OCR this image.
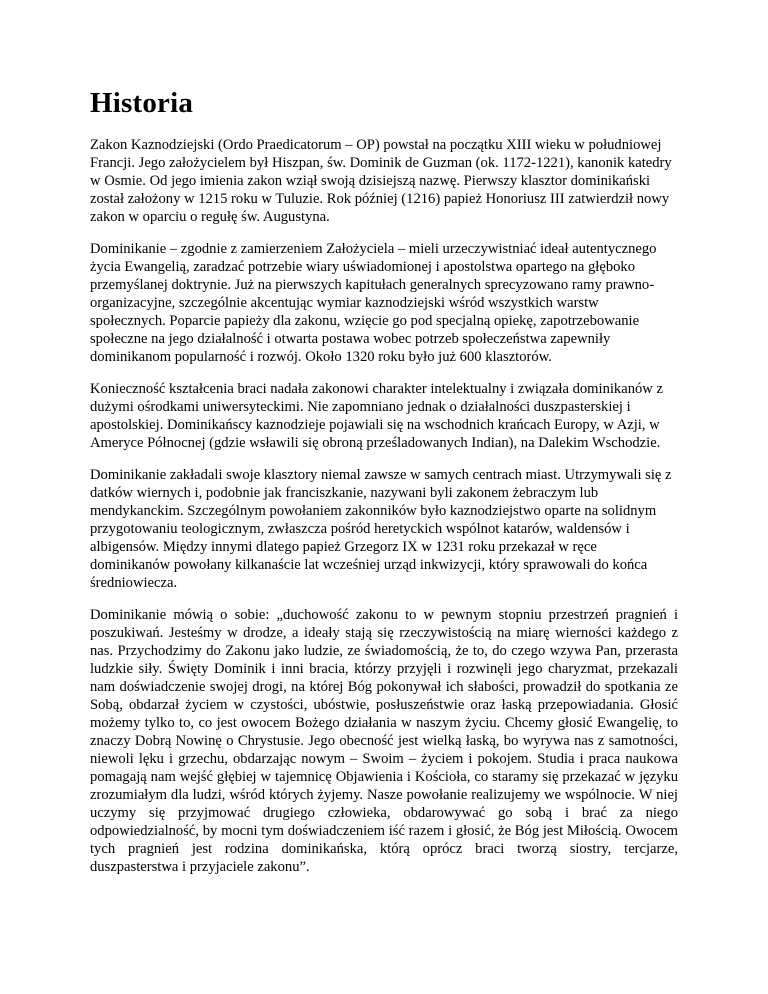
Historia

Zakon Kaznodziejski (Ordo Praedicatorum – OP) powstał na początku XIII wieku w południowej Francji. Jego założycielem był Hiszpan, św. Dominik de Guzman (ok. 1172-1221), kanonik katedry w Osmie. Od jego imienia zakon wziął swoją dzisiejszą nazwę. Pierwszy klasztor dominikański został założony w 1215 roku w Tuluzie. Rok później (1216) papież Honoriusz III zatwierdził nowy zakon w oparciu o regułę św. Augustyna.

Dominikanie – zgodnie z zamierzeniem Założyciela – mieli urzeczywistniać ideał autentycznego życia Ewangelią, zaradzać potrzebie wiary uświadomionej i apostolstwa opartego na głęboko przemyślanej doktrynie. Już na pierwszych kapitułach generalnych sprecyzowano ramy prawno-organizacyjne, szczególnie akcentując wymiar kaznodziejski wśród wszystkich warstw społecznych. Poparcie papieży dla zakonu, wzięcie go pod specjalną opiekę, zapotrzebowanie społeczne na jego działalność i otwarta postawa wobec potrzeb społeczeństwa zapewniły dominikanom popularność i rozwój. Około 1320 roku było już 600 klasztorów.

Konieczność kształcenia braci nadała zakonowi charakter intelektualny i związała dominikanów z dużymi ośrodkami uniwersyteckimi. Nie zapomniano jednak o działalności duszpasterskiej i apostolskiej. Dominikańscy kaznodzieje pojawiali się na wschodnich krańcach Europy, w Azji, w Ameryce Północnej (gdzie wsławili się obroną prześladowanych Indian), na Dalekim Wschodzie.

Dominikanie zakładali swoje klasztory niemal zawsze w samych centrach miast. Utrzymywali się z datków wiernych i, podobnie jak franciszkanie, nazywani byli zakonem żebraczym lub mendykanckim. Szczególnym powołaniem zakonników było kaznodziejstwo oparte na solidnym przygotowaniu teologicznym, zwłaszcza pośród heretyckich wspólnot katarów, waldensów i albigensów. Między innymi dlatego papież Grzegorz IX w 1231 roku przekazał w ręce dominikanów powołany kilkanaście lat wcześniej urząd inkwizycji, który sprawowali do końca średniowiecza.

Dominikanie mówią o sobie: „duchowość zakonu to w pewnym stopniu przestrzeń pragnień i poszukiwań. Jesteśmy w drodze, a ideały stają się rzeczywistością na miarę wierności każdego z nas. Przychodzimy do Zakonu jako ludzie, ze świadomością, że to, do czego wzywa Pan, przerasta ludzkie siły. Święty Dominik i inni bracia, którzy przyjęli i rozwinęli jego charyzmat, przekazali nam doświadczenie swojej drogi, na której Bóg pokonywał ich słabości, prowadził do spotkania ze Sobą, obdarzał życiem w czystości, ubóstwie, posłuszeństwie oraz łaską przepowiadania. Głosić możemy tylko to, co jest owocem Bożego działania w naszym życiu. Chcemy głosić Ewangelię, to znaczy Dobrą Nowinę o Chrystusie. Jego obecność jest wielką łaską, bo wyrywa nas z samotności, niewoli lęku i grzechu, obdarzając nowym – Swoim – życiem i pokojem. Studia i praca naukowa pomagają nam wejść głębiej w tajemnicę Objawienia i Kościoła, co staramy się przekazać w języku zrozumiałym dla ludzi, wśród których żyjemy. Nasze powołanie realizujemy we wspólnocie. W niej uczymy się przyjmować drugiego człowieka, obdarowywać go sobą i brać za niego odpowiedzialność, by mocni tym doświadczeniem iść razem i głosić, że Bóg jest Miłością. Owocem tych pragnień jest rodzina dominikańska, którą oprócz braci tworzą siostry, tercjarze, duszpasterstwa i przyjaciele zakonu”.
